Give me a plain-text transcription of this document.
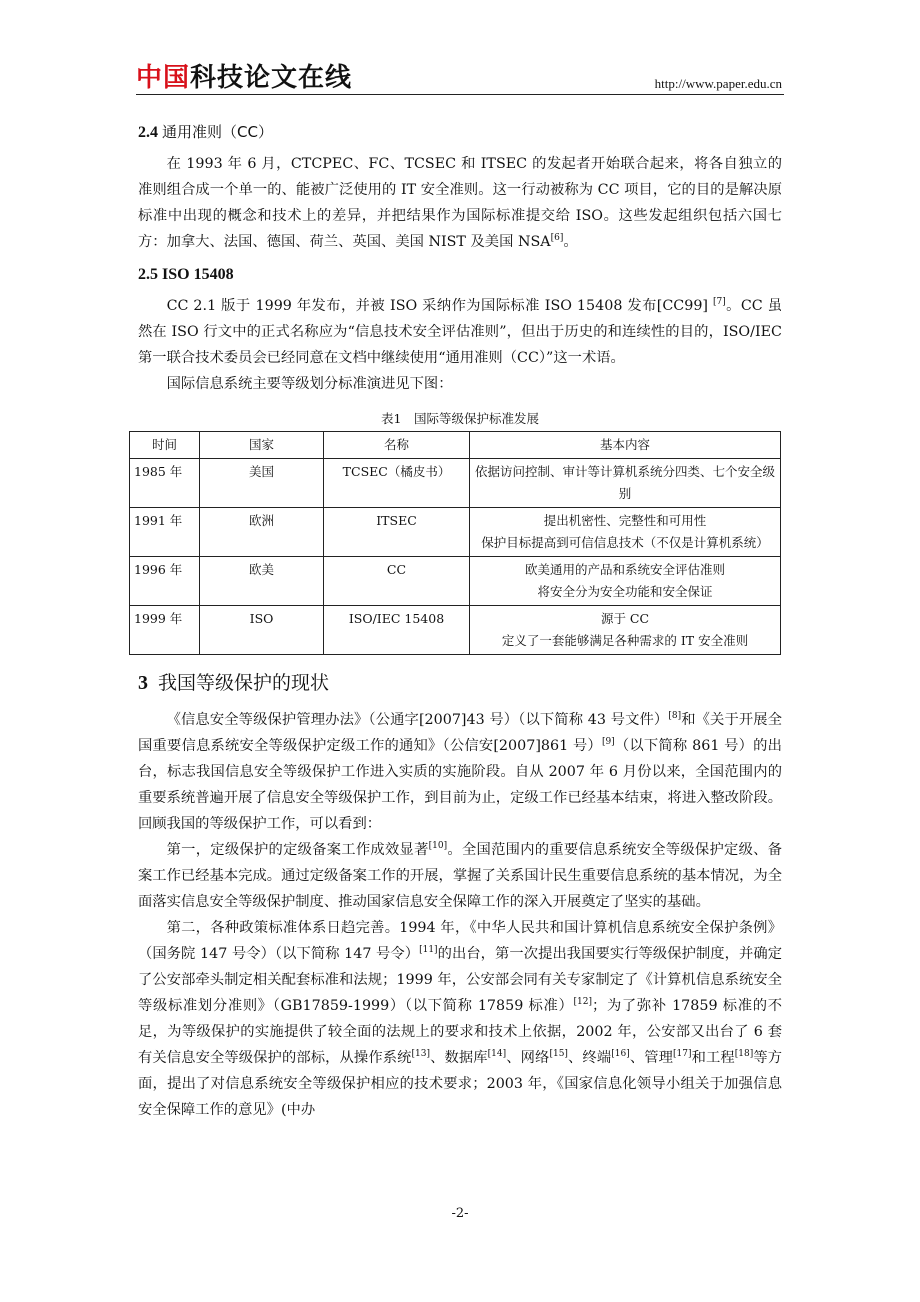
中国科技论文在线	http://www.paper.edu.cn
2.4 通用准则（CC）

在 1993 年 6 月，CTCPEC、FC、TCSEC 和 ITSEC 的发起者开始联合起来，将各自独立的准则组合成一个单一的、能被广泛使用的 IT 安全准则。这一行动被称为 CC 项目，它的目的是解决原标准中出现的概念和技术上的差异，并把结果作为国际标准提交给 ISO。这些发起组织包括六国七方：加拿大、法国、德国、荷兰、英国、美国 NIST 及美国 NSA[6]。

2.5 ISO 15408

CC 2.1 版于 1999 年发布，并被 ISO 采纳作为国际标准 ISO 15408 发布[CC99] [7]。CC 虽然在 ISO 行文中的正式名称应为“信息技术安全评估准则”，但出于历史的和连续性的目的，ISO/IEC 第一联合技术委员会已经同意在文档中继续使用“通用准则（CC）”这一术语。

国际信息系统主要等级划分标准演进见下图：

表1　国际等级保护标准发展
时间	国家	名称	基本内容
1985 年	美国	TCSEC（橘皮书）	依据访问控制、审计等计算机系统分四类、七个安全级别

1991 年	欧洲	ITSEC	提出机密性、完整性和可用性
保护目标提高到可信信息技术（不仅是计算机系统）

1996 年	欧美	CC	欧美通用的产品和系统安全评估准则
将安全分为安全功能和安全保证

1999 年	ISO	ISO/IEC 15408	源于 CC
定义了一套能够满足各种需求的 IT 安全准则
3 我国等级保护的现状

《信息安全等级保护管理办法》（公通字[2007]43 号）（以下简称 43 号文件）[8]和《关于开展全国重要信息系统安全等级保护定级工作的通知》（公信安[2007]861 号）[9]（以下简称 861 号）的出台，标志我国信息安全等级保护工作进入实质的实施阶段。自从 2007 年 6 月份以来，全国范围内的重要系统普遍开展了信息安全等级保护工作，到目前为止，定级工作已经基本结束，将进入整改阶段。回顾我国的等级保护工作，可以看到：

第一，定级保护的定级备案工作成效显著[10]。全国范围内的重要信息系统安全等级保护定级、备案工作已经基本完成。通过定级备案工作的开展，掌握了关系国计民生重要信息系统的基本情况，为全面落实信息安全等级保护制度、推动国家信息安全保障工作的深入开展奠定了坚实的基础。

第二，各种政策标准体系日趋完善。1994 年，《中华人民共和国计算机信息系统安全保护条例》（国务院 147 号令）（以下简称 147 号令）[11]的出台，第一次提出我国要实行等级保护制度，并确定了公安部牵头制定相关配套标准和法规；1999 年，公安部会同有关专家制定了《计算机信息系统安全等级标准划分准则》（GB17859-1999）（以下简称 17859 标准）[12]；为了弥补 17859 标准的不足，为等级保护的实施提供了较全面的法规上的要求和技术上依据，2002 年，公安部又出台了 6 套有关信息安全等级保护的部标，从操作系统[13]、数据库[14]、网络[15]、终端[16]、管理[17]和工程[18]等方面，提出了对信息系统安全等级保护相应的技术要求；2003 年，《国家信息化领导小组关于加强信息安全保障工作的意见》(中办

-2-
